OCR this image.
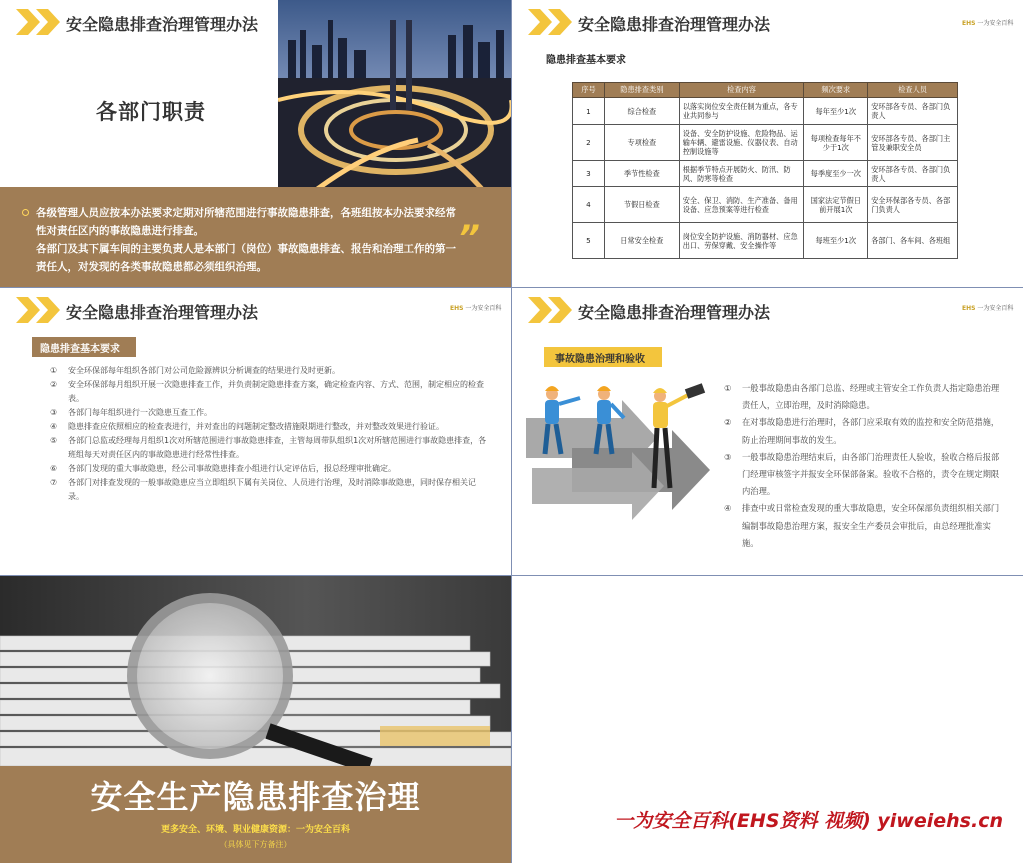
安全隐患排查治理管理办法
各部门职责
各级管理人员应按本办法要求定期对所辖范围进行事故隐患排查，各班组按本办法要求经常性对责任区内的事故隐患进行排查。
各部门及其下属车间的主要负责人是本部门（岗位）事故隐患排查、报告和治理工作的第一责任人，对发现的各类事故隐患都必须组织治理。
”
安全隐患排查治理管理办法	EHS 一为安全百科
隐患排查基本要求
序号	隐患排查类别	检查内容	频次要求	检查人员
1	综合检查	以落实岗位安全责任制为重点，各专业共同参与	每年至少1次	安环部各专员、各部门负责人
2	专项检查	设备、安全防护设施、危险物品、运输车辆、避雷设施、仪器仪表、自动控制设施等	每项检查每年不少于1次	安环部各专员、各部门主管及兼职安全员
3	季节性检查	根据季节特点开展防火、防汛、防风、防寒等检查	每季度至少一次	安环部各专员、各部门负责人
4	节假日检查	安全、保卫、消防、生产准备、备用设备、应急预案等进行检查	国家法定节假日前开展1次	安全环保部各专员、各部门负责人
5	日常安全检查	岗位安全防护设施、消防器材、应急出口、劳保穿戴、安全操作等	每班至少1次	各部门、各车间、各班组
安全隐患排查治理管理办法	EHS 一为安全百科
隐患排查基本要求
① 安全环保部每年组织各部门对公司危险源辨识分析调查的结果进行及时更新。
② 安全环保部每月组织开展一次隐患排查工作，并负责制定隐患排查方案，确定检查内容、方式、范围，制定相应的检查表。
③ 各部门每年组织进行一次隐患互查工作。
④ 隐患排查应依照相应的检查表进行，并对查出的问题制定整改措施限期进行整改，并对整改效果进行验证。
⑤ 各部门总监或经理每月组织1次对所辖范围进行事故隐患排查，主管每周带队组织1次对所辖范围进行事故隐患排查，各班组每天对责任区内的事故隐患进行经常性排查。
⑥ 各部门发现的重大事故隐患，经公司事故隐患排查小组进行认定评估后，报总经理审批确定。
⑦ 各部门对排查发现的一般事故隐患应当立即组织下属有关岗位、人员进行治理，及时消除事故隐患，同时保存相关记录。
安全隐患排查治理管理办法	EHS 一为安全百科
事故隐患治理和验收
① 一般事故隐患由各部门总监、经理或主管安全工作负责人指定隐患治理责任人，立即治理，及时消除隐患。
② 在对事故隐患进行治理时，各部门应采取有效的监控和安全防范措施，防止治理期间事故的发生。
③ 一般事故隐患治理结束后，由各部门治理责任人验收，验收合格后报部门经理审核签字并报安全环保部备案。验收不合格的，责令在规定期限内治理。
④ 排查中或日常检查发现的重大事故隐患，安全环保部负责组织相关部门编制事故隐患治理方案，报安全生产委员会审批后，由总经理批准实施。
安全生产隐患排查治理
更多安全、环境、职业健康资源：一为安全百科
（具体见下方备注）
一为安全百科(EHS资料 视频) yiweiehs.cn
